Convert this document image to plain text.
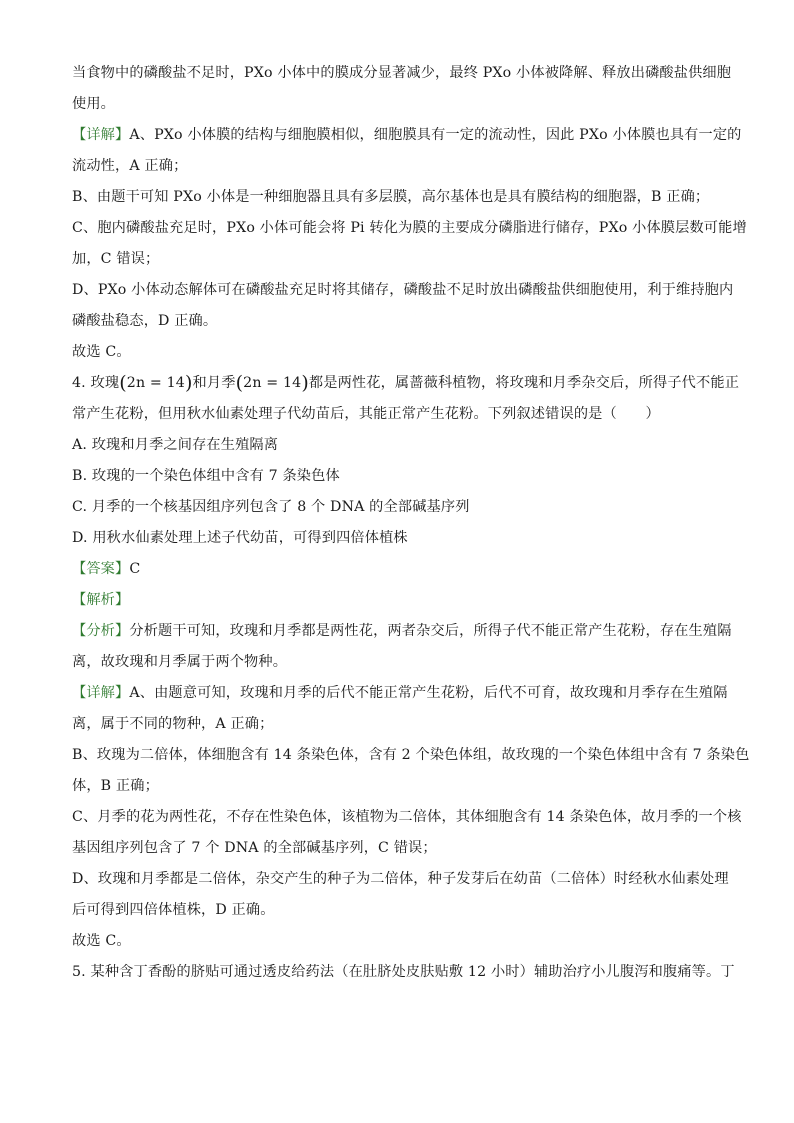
当食物中的磷酸盐不足时，PXo 小体中的膜成分显著减少，最终 PXo 小体被降解、释放出磷酸盐供细胞
使用。
【详解】A、PXo 小体膜的结构与细胞膜相似，细胞膜具有一定的流动性，因此 PXo 小体膜也具有一定的
流动性，A 正确；
B、由题干可知 PXo 小体是一种细胞器且具有多层膜，高尔基体也是具有膜结构的细胞器，B 正确；
C、胞内磷酸盐充足时，PXo 小体可能会将 Pi 转化为膜的主要成分磷脂进行储存，PXo 小体膜层数可能增
加，C 错误；
D、PXo 小体动态解体可在磷酸盐充足时将其储存，磷酸盐不足时放出磷酸盐供细胞使用，利于维持胞内
磷酸盐稳态，D 正确。
故选 C。
4. 玫瑰(2n = 14)和月季(2n = 14)都是两性花，属蔷薇科植物，将玫瑰和月季杂交后，所得子代不能正
常产生花粉，但用秋水仙素处理子代幼苗后，其能正常产生花粉。下列叙述错误的是（　　）
A. 玫瑰和月季之间存在生殖隔离
B. 玫瑰的一个染色体组中含有 7 条染色体
C. 月季的一个核基因组序列包含了 8 个 DNA 的全部碱基序列
D. 用秋水仙素处理上述子代幼苗，可得到四倍体植株
【答案】C
【解析】
【分析】分析题干可知，玫瑰和月季都是两性花，两者杂交后，所得子代不能正常产生花粉，存在生殖隔
离，故玫瑰和月季属于两个物种。
【详解】A、由题意可知，玫瑰和月季的后代不能正常产生花粉，后代不可育，故玫瑰和月季存在生殖隔
离，属于不同的物种，A 正确；
B、玫瑰为二倍体，体细胞含有 14 条染色体，含有 2 个染色体组，故玫瑰的一个染色体组中含有 7 条染色
体，B 正确；
C、月季的花为两性花，不存在性染色体，该植物为二倍体，其体细胞含有 14 条染色体，故月季的一个核
基因组序列包含了 7 个 DNA 的全部碱基序列，C 错误；
D、玫瑰和月季都是二倍体，杂交产生的种子为二倍体，种子发芽后在幼苗（二倍体）时经秋水仙素处理
后可得到四倍体植株，D 正确。
故选 C。
5. 某种含丁香酚的脐贴可通过透皮给药法（在肚脐处皮肤贴敷 12 小时）辅助治疗小儿腹泻和腹痛等。丁
